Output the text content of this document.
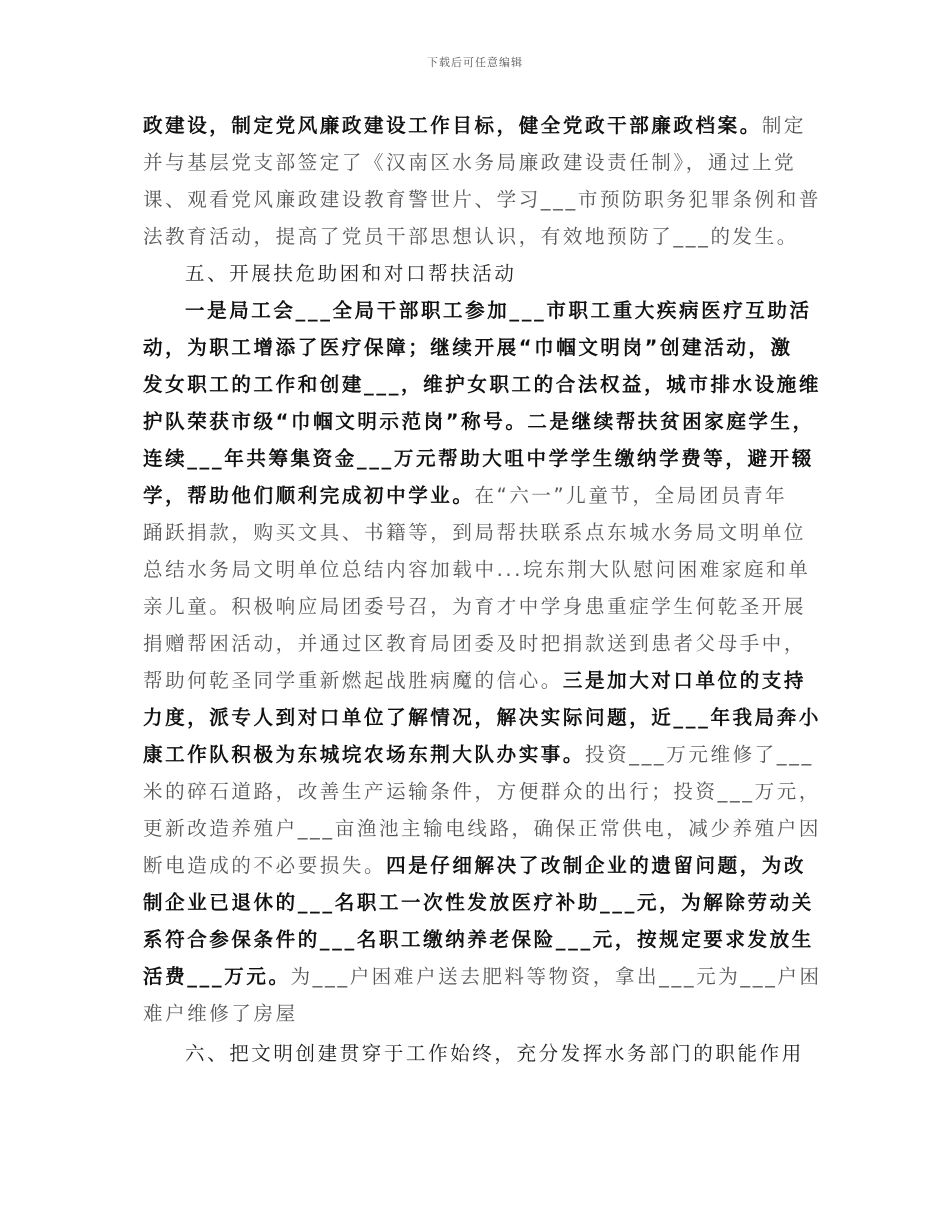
下载后可任意编辑
政建设，制定党风廉政建设工作目标，健全党政干部廉政档案。制定
并与基层党支部签定了《汉南区水务局廉政建设责任制》，通过上党
课、观看党风廉政建设教育警世片、学习___市预防职务犯罪条例和普
法教育活动，提高了党员干部思想认识，有效地预防了___的发生。
五、开展扶危助困和对口帮扶活动
一是局工会___全局干部职工参加___市职工重大疾病医疗互助活
动，为职工增添了医疗保障；继续开展“巾帼文明岗”创建活动，激
发女职工的工作和创建___，维护女职工的合法权益，城市排水设施维
护队荣获市级“巾帼文明示范岗”称号。二是继续帮扶贫困家庭学生，
连续___年共筹集资金___万元帮助大咀中学学生缴纳学费等，避开辍
学，帮助他们顺利完成初中学业。在“六一”儿童节，全局团员青年
踊跃捐款，购买文具、书籍等，到局帮扶联系点东城水务局文明单位
总结水务局文明单位总结内容加载中...垸东荆大队慰问困难家庭和单
亲儿童。积极响应局团委号召，为育才中学身患重症学生何乾圣开展
捐赠帮困活动，并通过区教育局团委及时把捐款送到患者父母手中，
帮助何乾圣同学重新燃起战胜病魔的信心。三是加大对口单位的支持
力度，派专人到对口单位了解情况，解决实际问题，近___年我局奔小
康工作队积极为东城垸农场东荆大队办实事。投资___万元维修了___
米的碎石道路，改善生产运输条件，方便群众的出行；投资___万元，
更新改造养殖户___亩渔池主输电线路，确保正常供电，减少养殖户因
断电造成的不必要损失。四是仔细解决了改制企业的遗留问题，为改
制企业已退休的___名职工一次性发放医疗补助___元，为解除劳动关
系符合参保条件的___名职工缴纳养老保险___元，按规定要求发放生
活费___万元。为___户困难户送去肥料等物资，拿出___元为___户困
难户维修了房屋
六、把文明创建贯穿于工作始终，充分发挥水务部门的职能作用
